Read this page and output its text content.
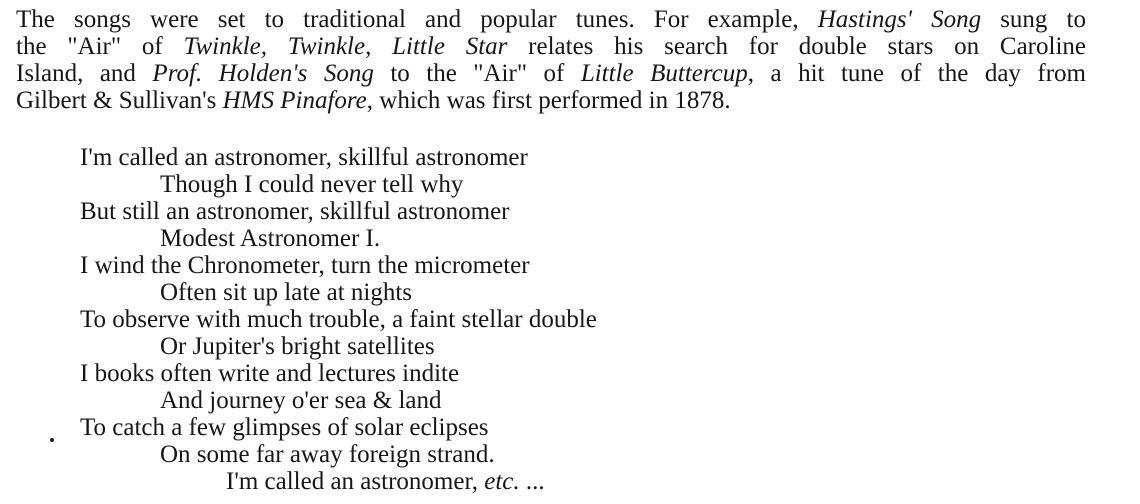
The songs were set to traditional and popular tunes. For example, Hastings' Song sung to
the "Air" of Twinkle, Twinkle, Little Star relates his search for double stars on Caroline
Island, and Prof. Holden's Song to the "Air" of Little Buttercup, a hit tune of the day from
Gilbert & Sullivan's HMS Pinafore, which was first performed in 1878.
I'm called an astronomer, skillful astronomer
Though I could never tell why
But still an astronomer, skillful astronomer
Modest Astronomer I.
I wind the Chronometer, turn the micrometer
Often sit up late at nights
To observe with much trouble, a faint stellar double
Or Jupiter's bright satellites
I books often write and lectures indite
And journey o'er sea & land
To catch a few glimpses of solar eclipses
On some far away foreign strand.
I'm called an astronomer, etc. ...
